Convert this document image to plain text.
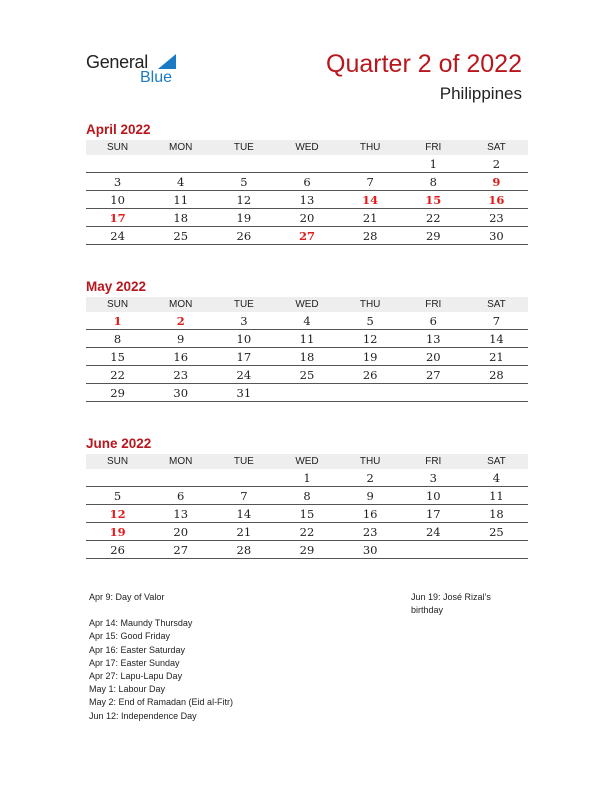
General
Blue	Quarter 2 of 2022
Philippines
April 2022
SUN	MON	TUE	WED	THU	FRI	SAT
					1	2
3	4	5	6	7	8	9
10	11	12	13	14	15	16
17	18	19	20	21	22	23
24	25	26	27	28	29	30
May 2022
SUN	MON	TUE	WED	THU	FRI	SAT
1	2	3	4	5	6	7
8	9	10	11	12	13	14
15	16	17	18	19	20	21
22	23	24	25	26	27	28
29	30	31				
June 2022
SUN	MON	TUE	WED	THU	FRI	SAT
			1	2	3	4
5	6	7	8	9	10	11
12	13	14	15	16	17	18
19	20	21	22	23	24	25
26	27	28	29	30		
Apr 9: Day of Valor
Apr 14: Maundy Thursday
Apr 15: Good Friday
Apr 16: Easter Saturday
Apr 17: Easter Sunday
Apr 27: Lapu-Lapu Day
May 1: Labour Day
May 2: End of Ramadan (Eid al-Fitr)
Jun 12: Independence Day
Jun 19: José Rizal’s
birthday
